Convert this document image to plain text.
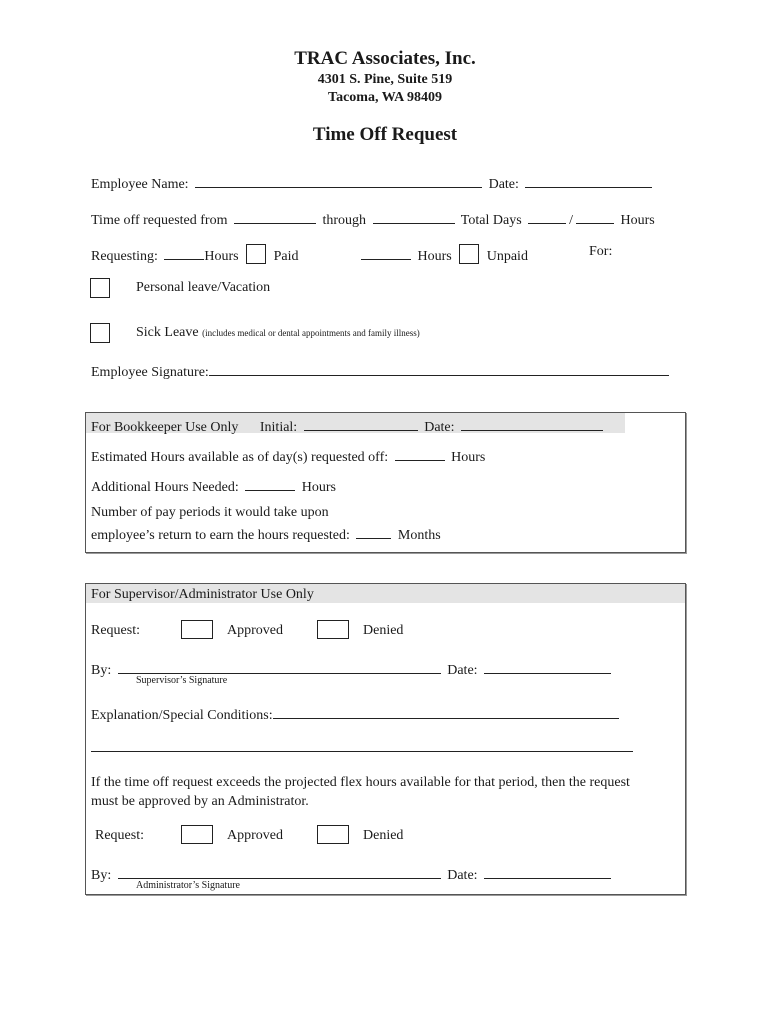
TRAC Associates, Inc.
4301 S. Pine, Suite 519
Tacoma, WA 98409
Time Off Request
Employee Name:	Date:
Time off requested from	through	Total Days	/	Hours
Requesting:	Hours	Paid	Hours	Unpaid	For:
Personal leave/Vacation
Sick Leave (includes medical or dental appointments and family illness)
Employee Signature:
For Bookkeeper Use Only Initial:	Date:
Estimated Hours available as of day(s) requested off:	Hours
Additional Hours Needed:	Hours
Number of pay periods it would take upon
employee’s return to earn the hours requested:	Months
For Supervisor/Administrator Use Only
Request:	Approved	Denied
By:	Date:
Supervisor’s Signature
Explanation/Special Conditions:
If the time off request exceeds the projected flex hours available for that period, then the request
must be approved by an Administrator.
Request:	Approved	Denied
By:	Date:
Administrator’s Signature
